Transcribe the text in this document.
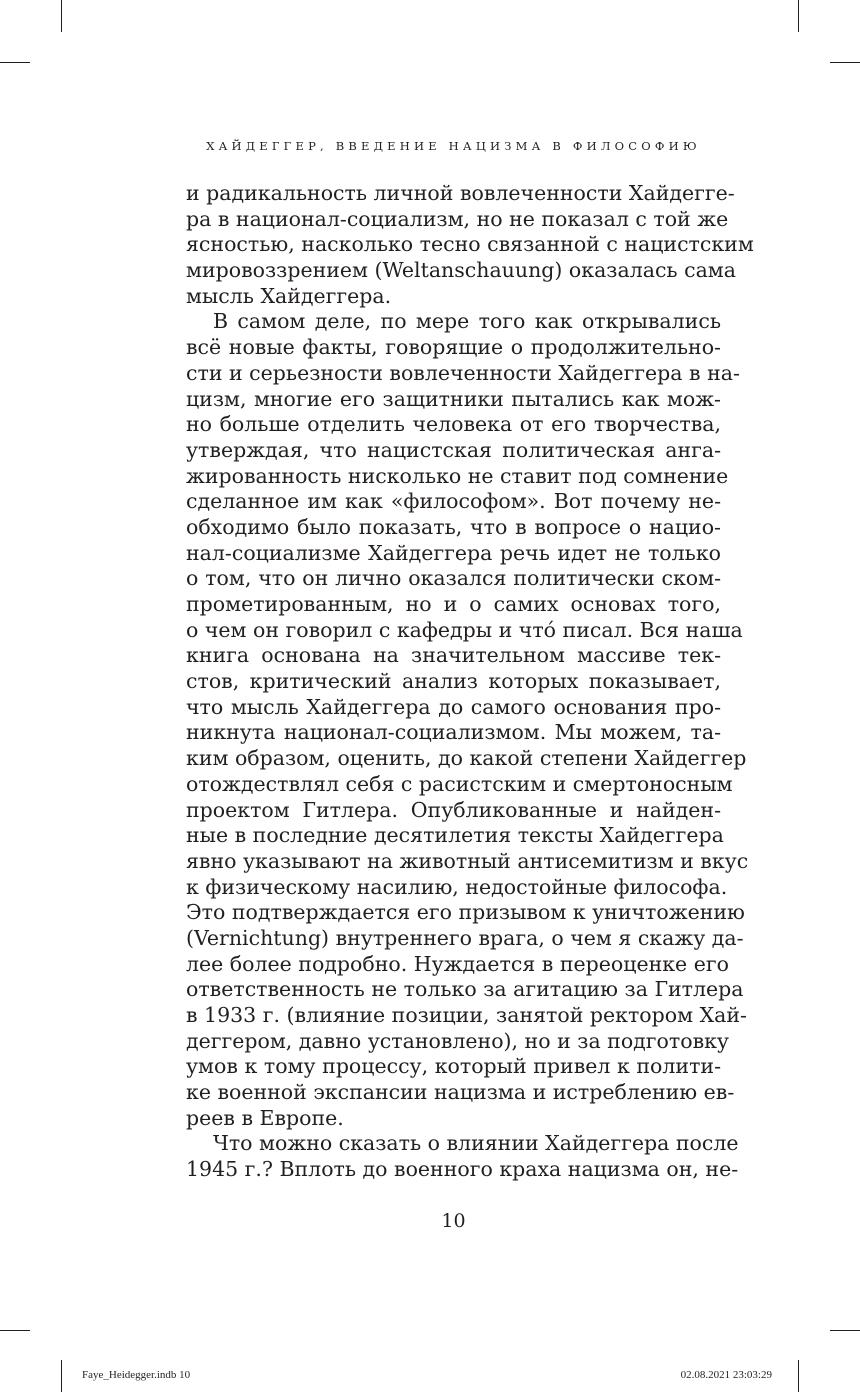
ХАЙДЕГГЕР, ВВЕДЕНИЕ НАЦИЗМА В ФИЛОСОФИЮ
и радикальность личной вовлеченности Хайдегге-
ра в национал-социализм, но не показал с той же
ясностью, насколько тесно связанной с нацистским
мировоззрением (Weltanschauung) оказалась сама
мысль Хайдеггера.
В самом деле, по мере того как открывались
всё новые факты, говорящие о продолжительно-
сти и серьезности вовлеченности Хайдеггера в на-
цизм, многие его защитники пытались как мож-
но больше отделить человека от его творчества,
утверждая, что нацистская политическая анга-
жированность нисколько не ставит под сомнение
сделанное им как «философом». Вот почему не-
обходимо было показать, что в вопросе о нацио-
нал-социализме Хайдеггера речь идет не только
о том, что он лично оказался политически ском-
прометированным, но и о самих основах того,
о чем он говорил с кафедры и что́ писал. Вся наша
книга основана на значительном массиве тек-
стов, критический анализ которых показывает,
что мысль Хайдеггера до самого основания про-
никнута национал-социализмом. Мы можем, та-
ким образом, оценить, до какой степени Хайдеггер
отождествлял себя с расистским и смертоносным
проектом Гитлера. Опубликованные и найден-
ные в последние десятилетия тексты Хайдеггера
явно указывают на животный антисемитизм и вкус
к физическому насилию, недостойные философа.
Это подтверждается его призывом к уничтожению
(Vernichtung) внутреннего врага, о чем я скажу да-
лее более подробно. Нуждается в переоценке его
ответственность не только за агитацию за Гитлера
в 1933 г. (влияние позиции, занятой ректором Хай-
деггером, давно установлено), но и за подготовку
умов к тому процессу, который привел к полити-
ке военной экспансии нацизма и истреблению ев-
реев в Европе.
Что можно сказать о влиянии Хайдеггера после
1945 г.? Вплоть до военного краха нацизма он, не-
10
Faye_Heidegger.indb 10	02.08.2021 23:03:29
